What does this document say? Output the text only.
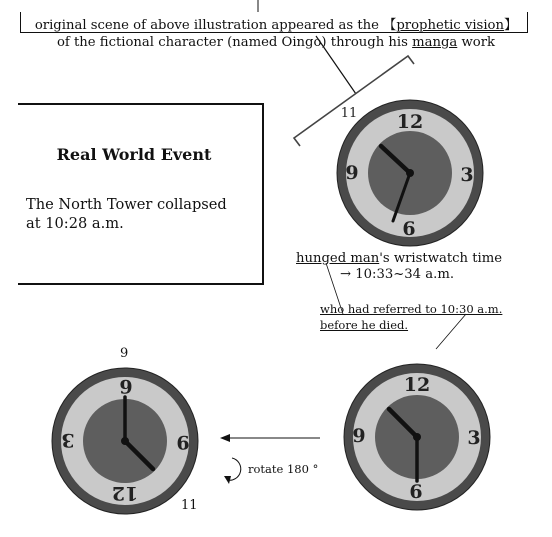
original scene of above illustration appeared as the 【prophetic vision】
of the fictional character (named Oingo) through his manga work
Real World Event
The North Tower collapsed
at 10:28 a.m.
hunged man's wristwatch time
→ 10:33~34 a.m.
who had referred to 10:30 a.m.
before he died.
rotate 180 °
9
11
12
3
6
9
11
12
3
6
9
12
3
6
9
